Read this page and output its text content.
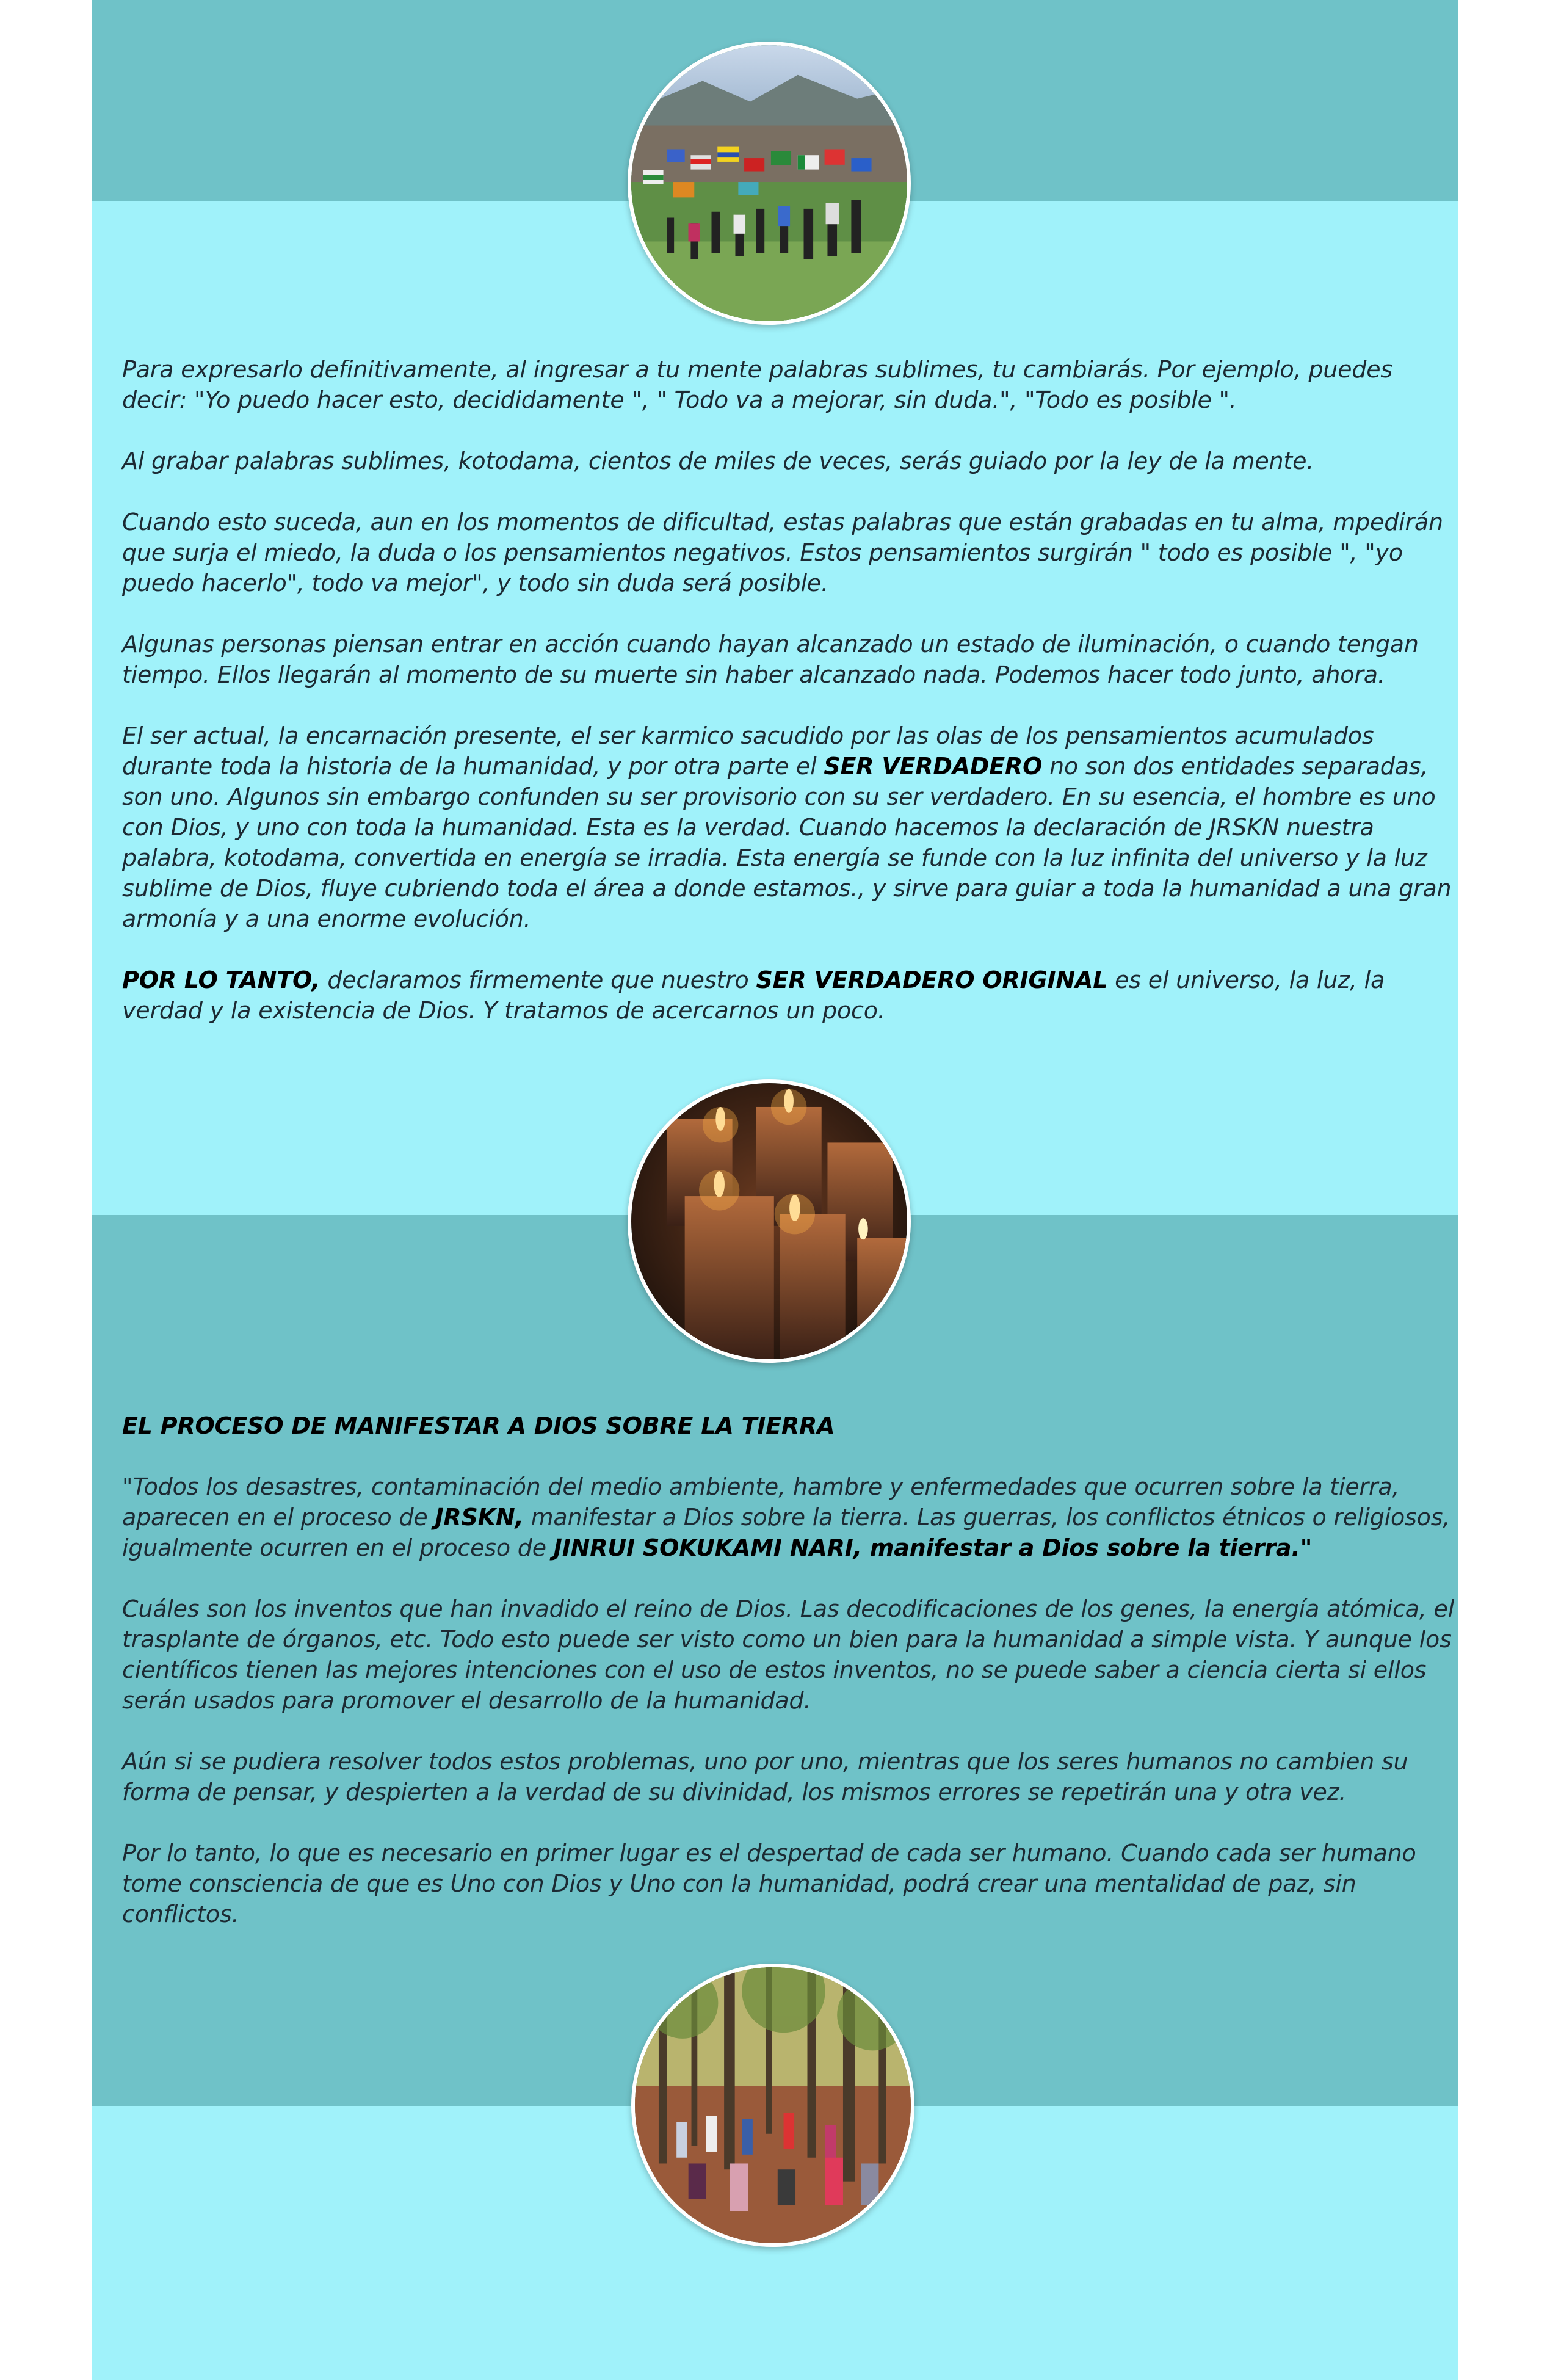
Para expresarlo definitivamente, al ingresar a tu mente palabras sublimes, tu cambiarás. Por ejemplo, puedes decir: "Yo puedo hacer esto, decididamente ", " Todo va a mejorar, sin duda.", "Todo es posible ".

Al grabar palabras sublimes, kotodama, cientos de miles de veces, serás guiado por la ley de la mente.

Cuando esto suceda, aun en los momentos de dificultad, estas palabras que están grabadas en tu alma, mpedirán que surja el miedo, la duda o los pensamientos negativos. Estos pensamientos surgirán " todo es posible ", "yo puedo hacerlo", todo va mejor", y todo sin duda será posible.

Algunas personas piensan entrar en acción cuando hayan alcanzado un estado de iluminación, o cuando tengan tiempo. Ellos llegarán al momento de su muerte sin haber alcanzado nada. Podemos hacer todo junto, ahora.

El ser actual, la encarnación presente, el ser karmico sacudido por las olas de los pensamientos acumulados durante toda la historia de la humanidad, y por otra parte el SER VERDADERO no son dos entidades separadas, son uno. Algunos sin embargo confunden su ser provisorio con su ser verdadero. En su esencia, el hombre es uno con Dios, y uno con toda la humanidad. Esta es la verdad. Cuando hacemos la declaración de JRSKN nuestra palabra, kotodama, convertida en energía se irradia. Esta energía se funde con la luz infinita del universo y la luz sublime de Dios, fluye cubriendo toda el área a donde estamos., y sirve para guiar a toda la humanidad a una gran armonía y a una enorme evolución.

POR LO TANTO, declaramos firmemente que nuestro SER VERDADERO ORIGINAL es el universo, la luz, la verdad y la existencia de Dios. Y tratamos de acercarnos un poco.

EL PROCESO DE MANIFESTAR A DIOS SOBRE LA TIERRA

"Todos los desastres, contaminación del medio ambiente, hambre y enfermedades que ocurren sobre la tierra, aparecen en el proceso de JRSKN, manifestar a Dios sobre la tierra. Las guerras, los conflictos étnicos o religiosos, igualmente ocurren en el proceso de JINRUI SOKUKAMI NARI, manifestar a Dios sobre la tierra."

Cuáles son los inventos que han invadido el reino de Dios. Las decodificaciones de los genes, la energía atómica, el trasplante de órganos, etc. Todo esto puede ser visto como un bien para la humanidad a simple vista. Y aunque los científicos tienen las mejores intenciones con el uso de estos inventos, no se puede saber a ciencia cierta si ellos serán usados para promover el desarrollo de la humanidad.

Aún si se pudiera resolver todos estos problemas, uno por uno, mientras que los seres humanos no cambien su forma de pensar, y despierten a la verdad de su divinidad, los mismos errores se repetirán una y otra vez.

Por lo tanto, lo que es necesario en primer lugar es el despertad de cada ser humano. Cuando cada ser humano tome consciencia de que es Uno con Dios y Uno con la humanidad, podrá crear una mentalidad de paz, sin conflictos.
